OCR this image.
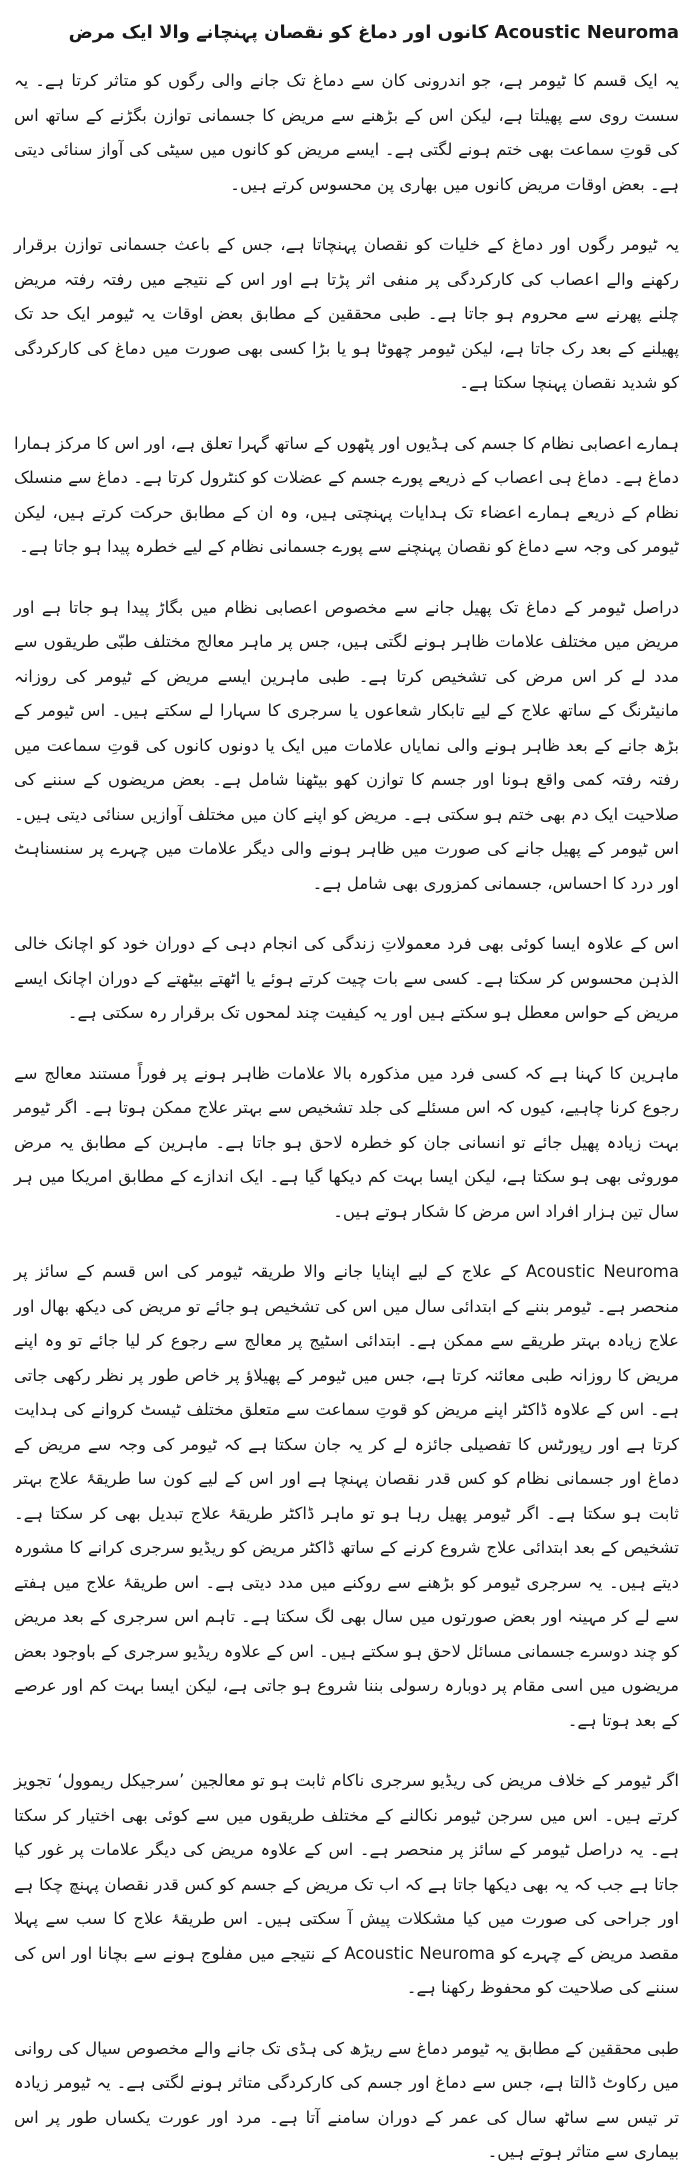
Acoustic Neuroma کانوں اور دماغ کو نقصان پہنچانے والا ایک مرض

یہ ایک قسم کا ٹیومر ہے، جو اندرونی کان سے دماغ تک جانے والی رگوں کو متاثر کرتا ہے۔ یہ سست روی سے پھیلتا ہے، لیکن اس کے بڑھنے سے مریض کا جسمانی توازن بگڑنے کے ساتھ اس کی قوتِ سماعت بھی ختم ہونے لگتی ہے۔ ایسے مریض کو کانوں میں سیٹی کی آواز سنائی دیتی ہے۔ بعض اوقات مریض کانوں میں بھاری پن محسوس کرتے ہیں۔

یہ ٹیومر رگوں اور دماغ کے خلیات کو نقصان پہنچاتا ہے، جس کے باعث جسمانی توازن برقرار رکھنے والے اعصاب کی کارکردگی پر منفی اثر پڑتا ہے اور اس کے نتیجے میں رفتہ رفتہ مریض چلنے پھرنے سے محروم ہو جاتا ہے۔ طبی محققین کے مطابق بعض اوقات یہ ٹیومر ایک حد تک پھیلنے کے بعد رک جاتا ہے، لیکن ٹیومر چھوٹا ہو یا بڑا کسی بھی صورت میں دماغ کی کارکردگی کو شدید نقصان پہنچا سکتا ہے۔

ہمارے اعصابی نظام کا جسم کی ہڈیوں اور پٹھوں کے ساتھ گہرا تعلق ہے، اور اس کا مرکز ہمارا دماغ ہے۔ دماغ ہی اعصاب کے ذریعے پورے جسم کے عضلات کو کنٹرول کرتا ہے۔ دماغ سے منسلک نظام کے ذریعے ہمارے اعضاء تک ہدایات پہنچتی ہیں، وہ ان کے مطابق حرکت کرتے ہیں، لیکن ٹیومر کی وجہ سے دماغ کو نقصان پہنچنے سے پورے جسمانی نظام کے لیے خطرہ پیدا ہو جاتا ہے۔

دراصل ٹیومر کے دماغ تک پھیل جانے سے مخصوص اعصابی نظام میں بگاڑ پیدا ہو جاتا ہے اور مریض میں مختلف علامات ظاہر ہونے لگتی ہیں، جس پر ماہر معالج مختلف طبّی طریقوں سے مدد لے کر اس مرض کی تشخیص کرتا ہے۔ طبی ماہرین ایسے مریض کے ٹیومر کی روزانہ مانیٹرنگ کے ساتھ علاج کے لیے تابکار شعاعوں یا سرجری کا سہارا لے سکتے ہیں۔ اس ٹیومر کے بڑھ جانے کے بعد ظاہر ہونے والی نمایاں علامات میں ایک یا دونوں کانوں کی قوتِ سماعت میں رفتہ رفتہ کمی واقع ہونا اور جسم کا توازن کھو بیٹھنا شامل ہے۔ بعض مریضوں کے سننے کی صلاحیت ایک دم بھی ختم ہو سکتی ہے۔ مریض کو اپنے کان میں مختلف آوازیں سنائی دیتی ہیں۔ اس ٹیومر کے پھیل جانے کی صورت میں ظاہر ہونے والی دیگر علامات میں چہرے پر سنسناہٹ اور درد کا احساس، جسمانی کمزوری بھی شامل ہے۔

اس کے علاوہ ایسا کوئی بھی فرد معمولاتِ زندگی کی انجام دہی کے دوران خود کو اچانک خالی الذہن محسوس کر سکتا ہے۔ کسی سے بات چیت کرتے ہوئے یا اٹھتے بیٹھتے کے دوران اچانک ایسے مریض کے حواس معطل ہو سکتے ہیں اور یہ کیفیت چند لمحوں تک برقرار رہ سکتی ہے۔

ماہرین کا کہنا ہے کہ کسی فرد میں مذکورہ بالا علامات ظاہر ہونے پر فوراً مستند معالج سے رجوع کرنا چاہیے، کیوں کہ اس مسئلے کی جلد تشخیص سے بہتر علاج ممکن ہوتا ہے۔ اگر ٹیومر بہت زیادہ پھیل جائے تو انسانی جان کو خطرہ لاحق ہو جاتا ہے۔ ماہرین کے مطابق یہ مرض موروثی بھی ہو سکتا ہے، لیکن ایسا بہت کم دیکھا گیا ہے۔ ایک اندازے کے مطابق امریکا میں ہر سال تین ہزار افراد اس مرض کا شکار ہوتے ہیں۔

Acoustic Neuroma کے علاج کے لیے اپنایا جانے والا طریقہ ٹیومر کی اس قسم کے سائز پر منحصر ہے۔ ٹیومر بننے کے ابتدائی سال میں اس کی تشخیص ہو جائے تو مریض کی دیکھ بھال اور علاج زیادہ بہتر طریقے سے ممکن ہے۔ ابتدائی اسٹیج پر معالج سے رجوع کر لیا جائے تو وہ اپنے مریض کا روزانہ طبی معائنہ کرتا ہے، جس میں ٹیومر کے پھیلاؤ پر خاص طور پر نظر رکھی جاتی ہے۔ اس کے علاوہ ڈاکٹر اپنے مریض کو قوتِ سماعت سے متعلق مختلف ٹیسٹ کروانے کی ہدایت کرتا ہے اور رپورٹس کا تفصیلی جائزہ لے کر یہ جان سکتا ہے کہ ٹیومر کی وجہ سے مریض کے دماغ اور جسمانی نظام کو کس قدر نقصان پہنچا ہے اور اس کے لیے کون سا طریقۂ علاج بہتر ثابت ہو سکتا ہے۔ اگر ٹیومر پھیل رہا ہو تو ماہر ڈاکٹر طریقۂ علاج تبدیل بھی کر سکتا ہے۔ تشخیص کے بعد ابتدائی علاج شروع کرنے کے ساتھ ڈاکٹر مریض کو ریڈیو سرجری کرانے کا مشورہ دیتے ہیں۔ یہ سرجری ٹیومر کو بڑھنے سے روکنے میں مدد دیتی ہے۔ اس طریقۂ علاج میں ہفتے سے لے کر مہینہ اور بعض صورتوں میں سال بھی لگ سکتا ہے۔ تاہم اس سرجری کے بعد مریض کو چند دوسرے جسمانی مسائل لاحق ہو سکتے ہیں۔ اس کے علاوہ ریڈیو سرجری کے باوجود بعض مریضوں میں اسی مقام پر دوبارہ رسولی بننا شروع ہو جاتی ہے، لیکن ایسا بہت کم اور عرصے کے بعد ہوتا ہے۔

اگر ٹیومر کے خلاف مریض کی ریڈیو سرجری ناکام ثابت ہو تو معالجین ’سرجیکل ریموول‘ تجویز کرتے ہیں۔ اس میں سرجن ٹیومر نکالنے کے مختلف طریقوں میں سے کوئی بھی اختیار کر سکتا ہے۔ یہ دراصل ٹیومر کے سائز پر منحصر ہے۔ اس کے علاوہ مریض کی دیگر علامات پر غور کیا جاتا ہے جب کہ یہ بھی دیکھا جاتا ہے کہ اب تک مریض کے جسم کو کس قدر نقصان پہنچ چکا ہے اور جراحی کی صورت میں کیا مشکلات پیش آ سکتی ہیں۔ اس طریقۂ علاج کا سب سے پہلا مقصد مریض کے چہرے کو Acoustic Neuroma کے نتیجے میں مفلوج ہونے سے بچانا اور اس کی سننے کی صلاحیت کو محفوظ رکھنا ہے۔

طبی محققین کے مطابق یہ ٹیومر دماغ سے ریڑھ کی ہڈی تک جانے والے مخصوص سیال کی روانی میں رکاوٹ ڈالتا ہے، جس سے دماغ اور جسم کی کارکردگی متاثر ہونے لگتی ہے۔ یہ ٹیومر زیادہ تر تیس سے ساٹھ سال کی عمر کے دوران سامنے آتا ہے۔ مرد اور عورت یکساں طور پر اس بیماری سے متاثر ہوتے ہیں۔
